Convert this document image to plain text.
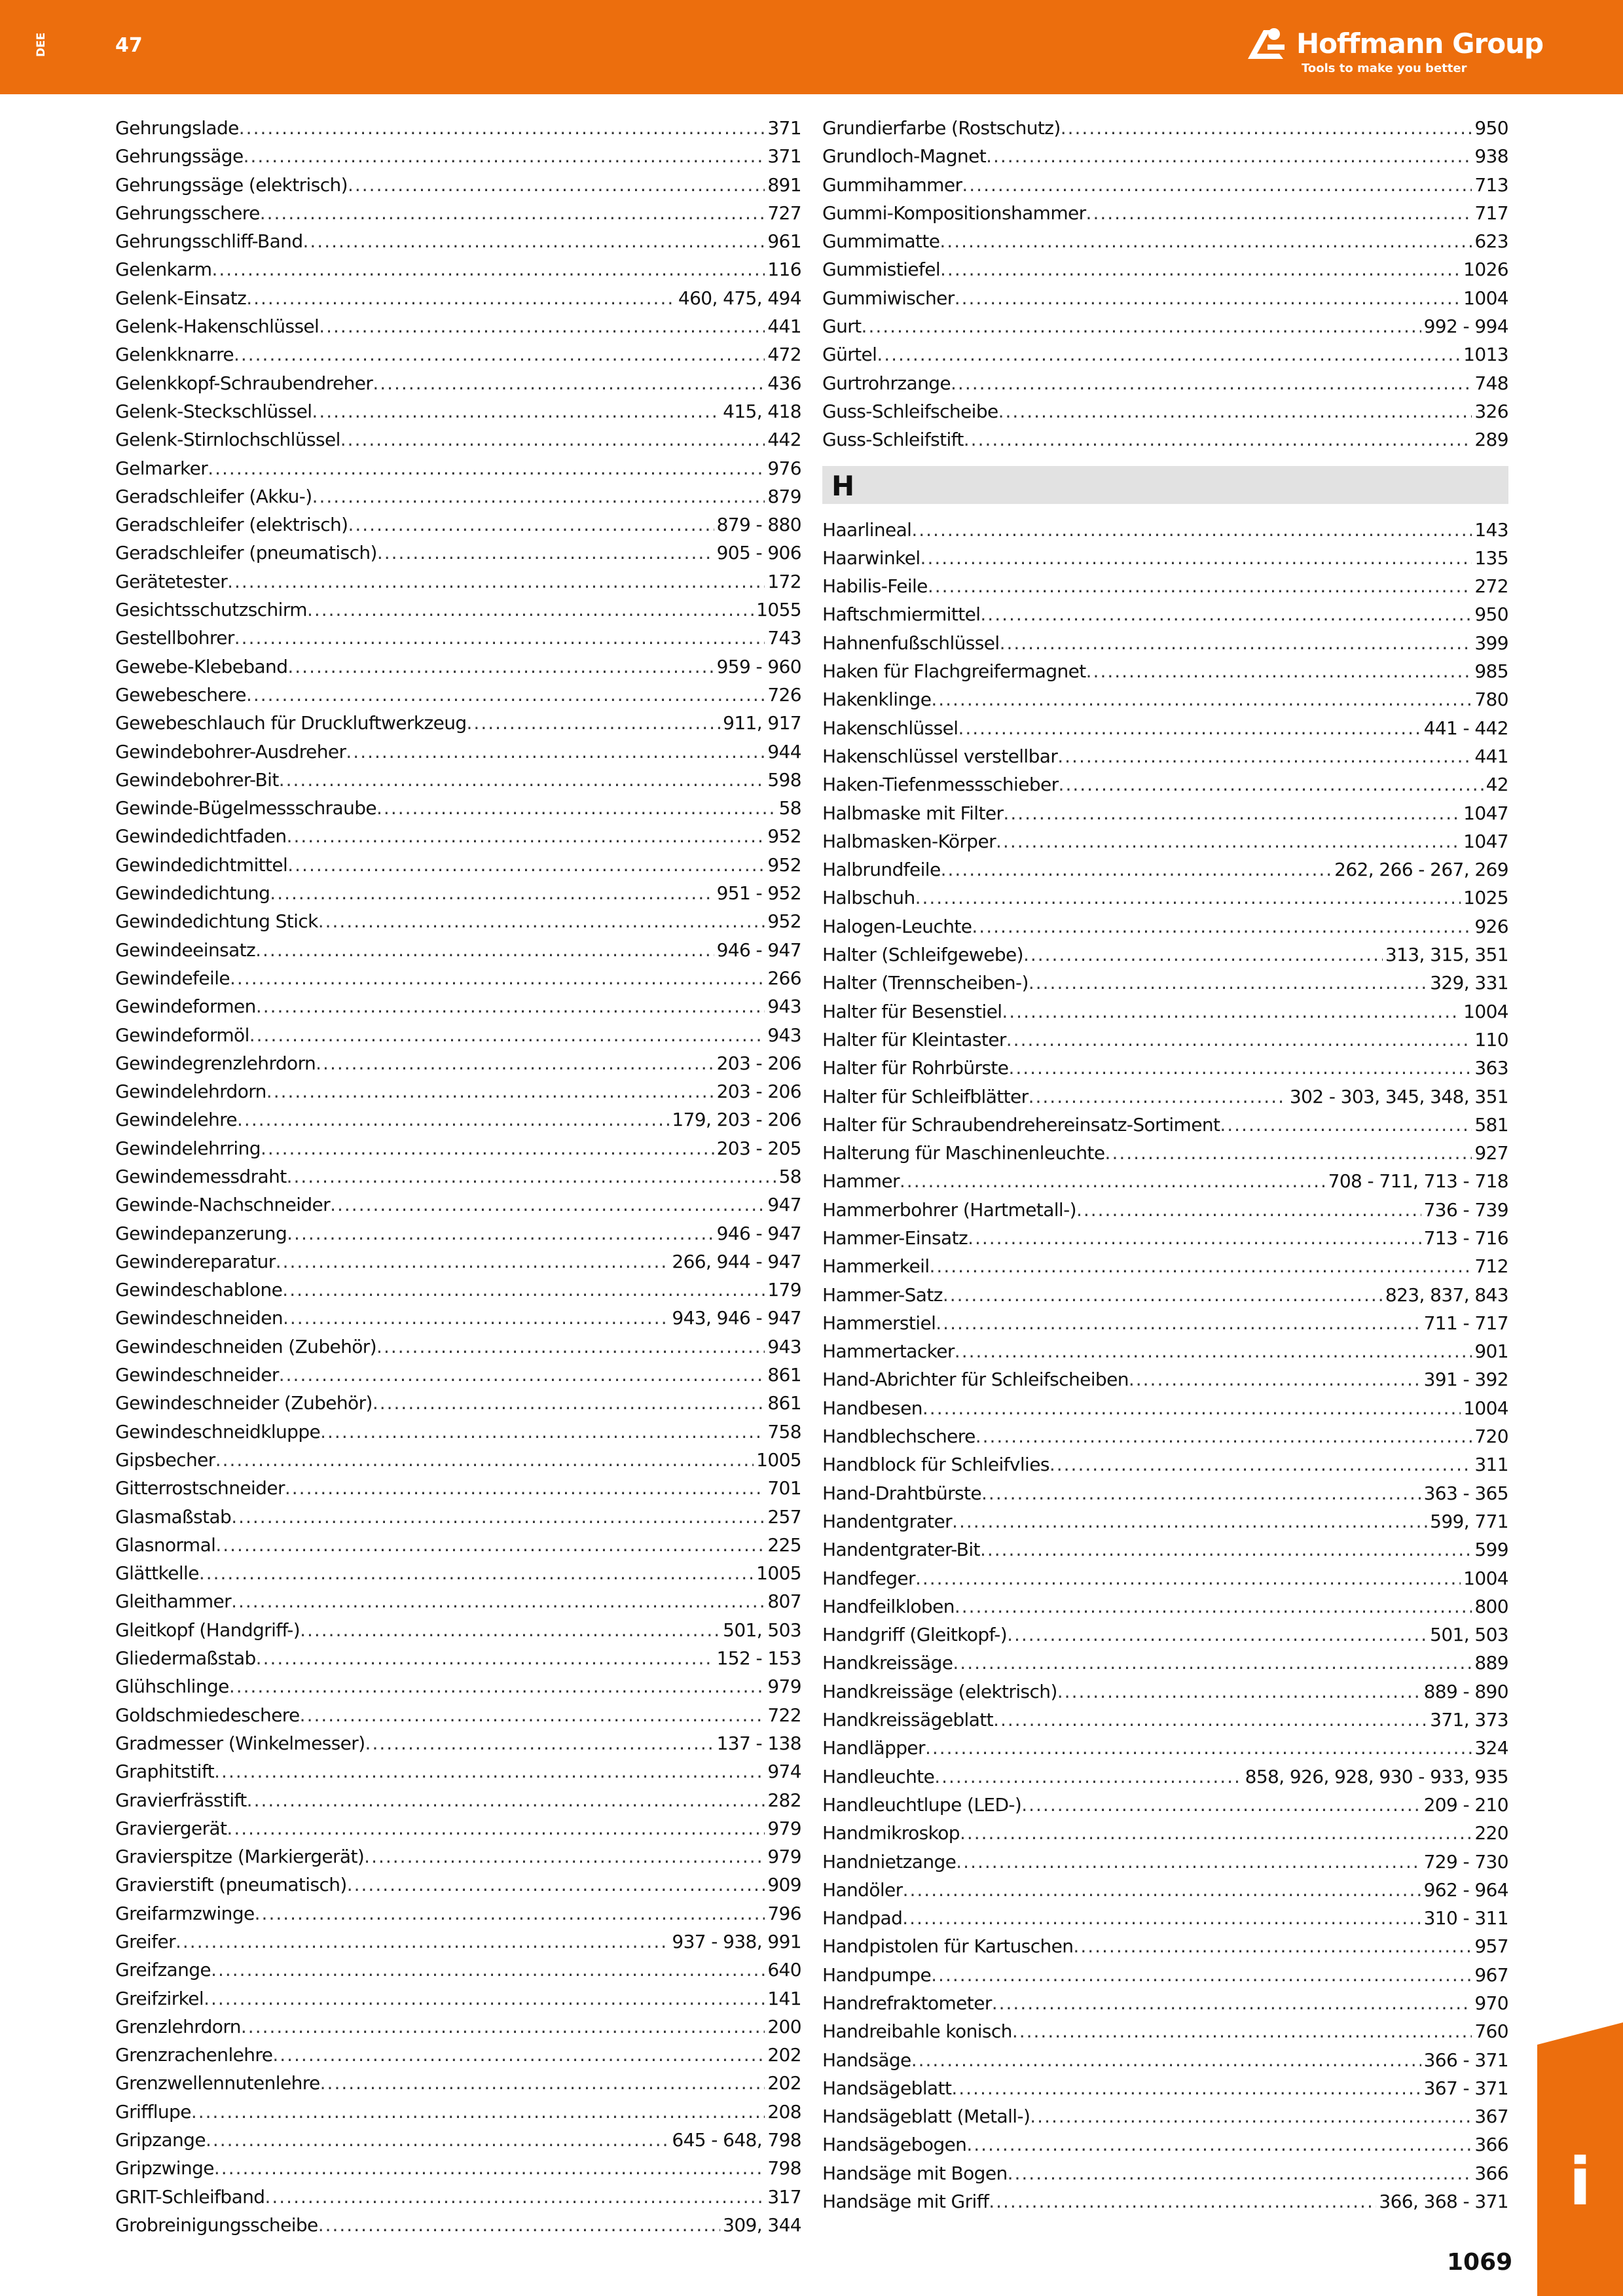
DEE	47	Hoffmann Group
Tools to make you better
Gehrungslade .....	371
Gehrungssäge .....	371
Gehrungssäge (elektrisch) .....	891
Gehrungsschere .....	727
Gehrungsschliff-Band .....	961
Gelenkarm .....	116
Gelenk-Einsatz .....	460, 475, 494
Gelenk-Hakenschlüssel .....	441
Gelenkknarre .....	472
Gelenkkopf-Schraubendreher .....	436
Gelenk-Steckschlüssel .....	415, 418
Gelenk-Stirnlochschlüssel .....	442
Gelmarker .....	976
Geradschleifer (Akku-) .....	879
Geradschleifer (elektrisch) .....	879 - 880
Geradschleifer (pneumatisch) .....	905 - 906
Gerätetester .....	172
Gesichtsschutzschirm .....	1055
Gestellbohrer .....	743
Gewebe-Klebeband .....	959 - 960
Gewebeschere .....	726
Gewebeschlauch für Druckluftwerkzeug .....	911, 917
Gewindebohrer-Ausdreher .....	944
Gewindebohrer-Bit .....	598
Gewinde-Bügelmessschraube .....	58
Gewindedichtfaden .....	952
Gewindedichtmittel .....	952
Gewindedichtung .....	951 - 952
Gewindedichtung Stick .....	952
Gewindeeinsatz .....	946 - 947
Gewindefeile .....	266
Gewindeformen .....	943
Gewindeformöl .....	943
Gewindegrenzlehrdorn .....	203 - 206
Gewindelehrdorn .....	203 - 206
Gewindelehre .....	179, 203 - 206
Gewindelehrring .....	203 - 205
Gewindemessdraht .....	58
Gewinde-Nachschneider .....	947
Gewindepanzerung .....	946 - 947
Gewindereparatur .....	266, 944 - 947
Gewindeschablone .....	179
Gewindeschneiden .....	943, 946 - 947
Gewindeschneiden (Zubehör) .....	943
Gewindeschneider .....	861
Gewindeschneider (Zubehör) .....	861
Gewindeschneidkluppe .....	758
Gipsbecher .....	1005
Gitterrostschneider .....	701
Glasmaßstab .....	257
Glasnormal .....	225
Glättkelle .....	1005
Gleithammer .....	807
Gleitkopf (Handgriff-) .....	501, 503
Gliedermaßstab .....	152 - 153
Glühschlinge .....	979
Goldschmiedeschere .....	722
Gradmesser (Winkelmesser) .....	137 - 138
Graphitstift .....	974
Gravierfrässtift .....	282
Graviergerät .....	979
Gravierspitze (Markiergerät) .....	979
Gravierstift (pneumatisch) .....	909
Greifarmzwinge .....	796
Greifer .....	937 - 938, 991
Greifzange .....	640
Greifzirkel .....	141
Grenzlehrdorn .....	200
Grenzrachenlehre .....	202
Grenzwellennutenlehre .....	202
Grifflupe .....	208
Gripzange .....	645 - 648, 798
Gripzwinge .....	798
GRIT-Schleifband .....	317
Grobreinigungsscheibe .....	309, 344
Grundierfarbe (Rostschutz) .....	950
Grundloch-Magnet .....	938
Gummihammer .....	713
Gummi-Kompositionshammer .....	717
Gummimatte .....	623
Gummistiefel .....	1026
Gummiwischer .....	1004
Gurt .....	992 - 994
Gürtel .....	1013
Gurtrohrzange .....	748
Guss-Schleifscheibe .....	326
Guss-Schleifstift .....	289
H
Haarlineal .....	143
Haarwinkel .....	135
Habilis-Feile .....	272
Haftschmiermittel .....	950
Hahnenfußschlüssel .....	399
Haken für Flachgreifermagnet .....	985
Hakenklinge .....	780
Hakenschlüssel .....	441 - 442
Hakenschlüssel verstellbar .....	441
Haken-Tiefenmessschieber .....	42
Halbmaske mit Filter .....	1047
Halbmasken-Körper .....	1047
Halbrundfeile .....	262, 266 - 267, 269
Halbschuh .....	1025
Halogen-Leuchte .....	926
Halter (Schleifgewebe) .....	313, 315, 351
Halter (Trennscheiben-) .....	329, 331
Halter für Besenstiel .....	1004
Halter für Kleintaster .....	110
Halter für Rohrbürste .....	363
Halter für Schleifblätter .....	302 - 303, 345, 348, 351
Halter für Schraubendrehereinsatz-Sortiment .....	581
Halterung für Maschinenleuchte .....	927
Hammer .....	708 - 711, 713 - 718
Hammerbohrer (Hartmetall-) .....	736 - 739
Hammer-Einsatz .....	713 - 716
Hammerkeil .....	712
Hammer-Satz .....	823, 837, 843
Hammerstiel .....	711 - 717
Hammertacker .....	901
Hand-Abrichter für Schleifscheiben .....	391 - 392
Handbesen .....	1004
Handblechschere .....	720
Handblock für Schleifvlies .....	311
Hand-Drahtbürste .....	363 - 365
Handentgrater .....	599, 771
Handentgrater-Bit .....	599
Handfeger .....	1004
Handfeilkloben .....	800
Handgriff (Gleitkopf-) .....	501, 503
Handkreissäge .....	889
Handkreissäge (elektrisch) .....	889 - 890
Handkreissägeblatt .....	371, 373
Handläpper .....	324
Handleuchte .....	858, 926, 928, 930 - 933, 935
Handleuchtlupe (LED-) .....	209 - 210
Handmikroskop .....	220
Handnietzange .....	729 - 730
Handöler .....	962 - 964
Handpad .....	310 - 311
Handpistolen für Kartuschen .....	957
Handpumpe .....	967
Handrefraktometer .....	970
Handreibahle konisch .....	760
Handsäge .....	366 - 371
Handsägeblatt .....	367 - 371
Handsägeblatt (Metall-) .....	367
Handsägebogen .....	366
Handsäge mit Bogen .....	366
Handsäge mit Griff .....	366, 368 - 371 i
1069
